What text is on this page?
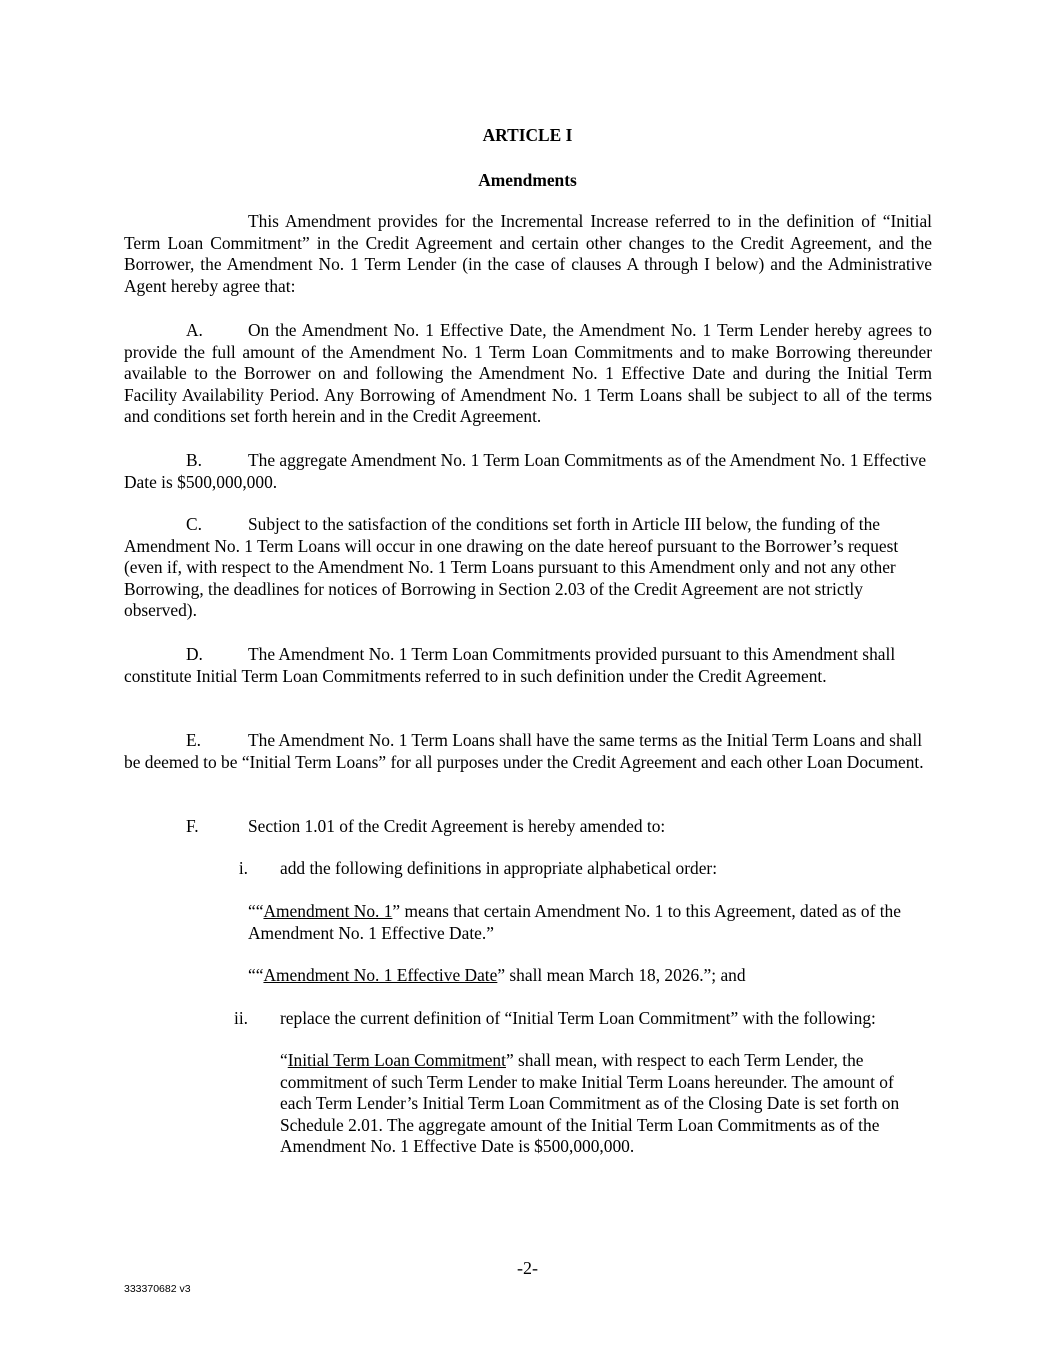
ARTICLE I
Amendments
This Amendment provides for the Incremental Increase referred to in the definition of “Initial Term Loan Commitment” in the Credit Agreement and certain other changes to the Credit Agreement, and the Borrower, the Amendment No. 1 Term Lender (in the case of clauses A through I below) and the Administrative Agent hereby agree that:
A.	On the Amendment No. 1 Effective Date, the Amendment No. 1 Term Lender hereby agrees to provide the full amount of the Amendment No. 1 Term Loan Commitments and to make Borrowing thereunder available to the Borrower on and following the Amendment No. 1 Effective Date and during the Initial Term Facility Availability Period. Any Borrowing of Amendment No. 1 Term Loans shall be subject to all of the terms and conditions set forth herein and in the Credit Agreement.
B.	The aggregate Amendment No. 1 Term Loan Commitments as of the Amendment No. 1 Effective Date is $500,000,000.
C.	Subject to the satisfaction of the conditions set forth in Article III below, the funding of the Amendment No. 1 Term Loans will occur in one drawing on the date hereof pursuant to the Borrower’s request (even if, with respect to the Amendment No. 1 Term Loans pursuant to this Amendment only and not any other Borrowing, the deadlines for notices of Borrowing in Section 2.03 of the Credit Agreement are not strictly observed).
D.	The Amendment No. 1 Term Loan Commitments provided pursuant to this Amendment shall constitute Initial Term Loan Commitments referred to in such definition under the Credit Agreement.
E.	The Amendment No. 1 Term Loans shall have the same terms as the Initial Term Loans and shall be deemed to be “Initial Term Loans” for all purposes under the Credit Agreement and each other Loan Document.
F.	Section 1.01 of the Credit Agreement is hereby amended to:
i. add the following definitions in appropriate alphabetical order:
““Amendment No. 1” means that certain Amendment No. 1 to this Agreement, dated as of the Amendment No. 1 Effective Date.”
““Amendment No. 1 Effective Date” shall mean March 18, 2026.”; and
ii. replace the current definition of “Initial Term Loan Commitment” with the following:
“Initial Term Loan Commitment” shall mean, with respect to each Term Lender, the commitment of such Term Lender to make Initial Term Loans hereunder. The amount of each Term Lender’s Initial Term Loan Commitment as of the Closing Date is set forth on Schedule 2.01. The aggregate amount of the Initial Term Loan Commitments as of the Amendment No. 1 Effective Date is $500,000,000.
-2-
333370682 v3
